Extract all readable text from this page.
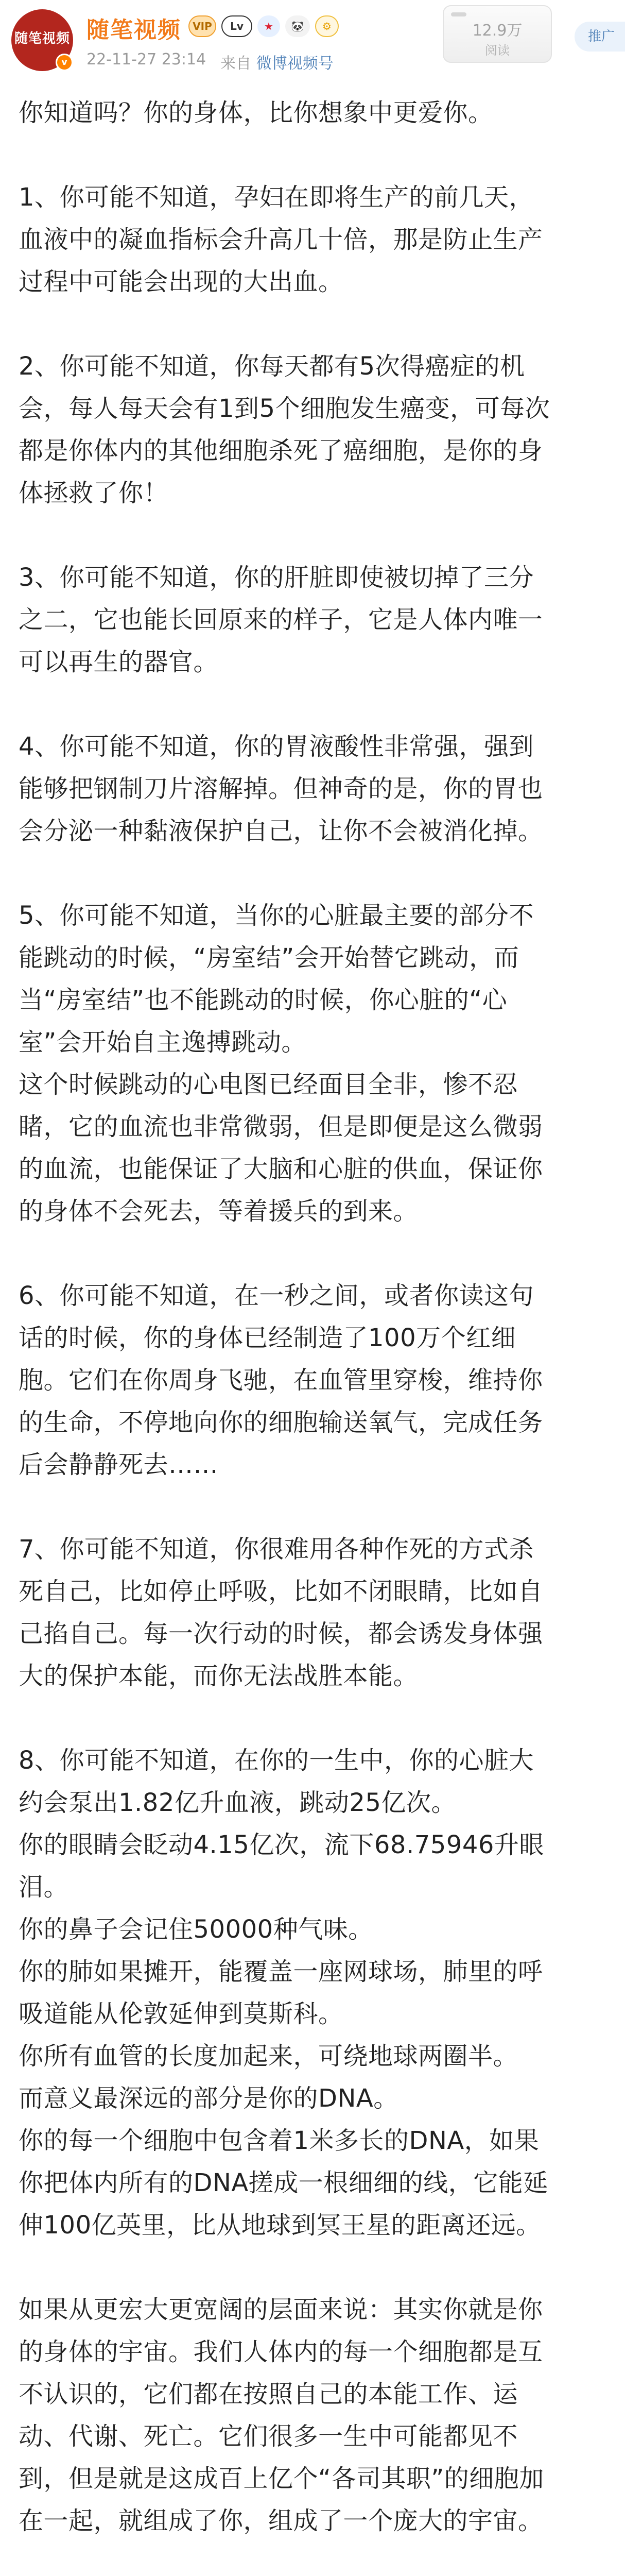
随笔视频
v
随笔视频	VIP	Lv	★	🐼	⚙
22-11-27 23:14 来自 微博视频号
12.9万
阅读
推广
你知道吗？你的身体，比你想象中更爱你。
1、你可能不知道，孕妇在即将生产的前几天，
血液中的凝血指标会升高几十倍，那是防止生产
过程中可能会出现的大出血。
2、你可能不知道，你每天都有5次得癌症的机
会，每人每天会有1到5个细胞发生癌变，可每次
都是你体内的其他细胞杀死了癌细胞，是你的身
体拯救了你！
3、你可能不知道，你的肝脏即使被切掉了三分
之二，它也能长回原来的样子，它是人体内唯一
可以再生的器官。
4、你可能不知道，你的胃液酸性非常强，强到
能够把钢制刀片溶解掉。但神奇的是，你的胃也
会分泌一种黏液保护自己，让你不会被消化掉。
5、你可能不知道，当你的心脏最主要的部分不
能跳动的时候，“房室结”会开始替它跳动，而
当“房室结”也不能跳动的时候，你心脏的“心
室”会开始自主逸搏跳动。
这个时候跳动的心电图已经面目全非，惨不忍
睹，它的血流也非常微弱，但是即便是这么微弱
的血流，也能保证了大脑和心脏的供血，保证你
的身体不会死去，等着援兵的到来。
6、你可能不知道，在一秒之间，或者你读这句
话的时候，你的身体已经制造了100万个红细
胞。它们在你周身飞驰，在血管里穿梭，维持你
的生命，不停地向你的细胞输送氧气，完成任务
后会静静死去……
7、你可能不知道，你很难用各种作死的方式杀
死自己，比如停止呼吸，比如不闭眼睛，比如自
己掐自己。每一次行动的时候，都会诱发身体强
大的保护本能，而你无法战胜本能。
8、你可能不知道，在你的一生中，你的心脏大
约会泵出1.82亿升血液，跳动25亿次。
你的眼睛会眨动4.15亿次，流下68.75946升眼
泪。
你的鼻子会记住50000种气味。
你的肺如果摊开，能覆盖一座网球场，肺里的呼
吸道能从伦敦延伸到莫斯科。
你所有血管的长度加起来，可绕地球两圈半。
而意义最深远的部分是你的DNA。
你的每一个细胞中包含着1米多长的DNA，如果
你把体内所有的DNA搓成一根细细的线，它能延
伸100亿英里，比从地球到冥王星的距离还远。
如果从更宏大更宽阔的层面来说：其实你就是你
的身体的宇宙。我们人体内的每一个细胞都是互
不认识的，它们都在按照自己的本能工作、运
动、代谢、死亡。它们很多一生中可能都见不
到，但是就是这成百上亿个“各司其职”的细胞加
在一起，就组成了你，组成了一个庞大的宇宙。
